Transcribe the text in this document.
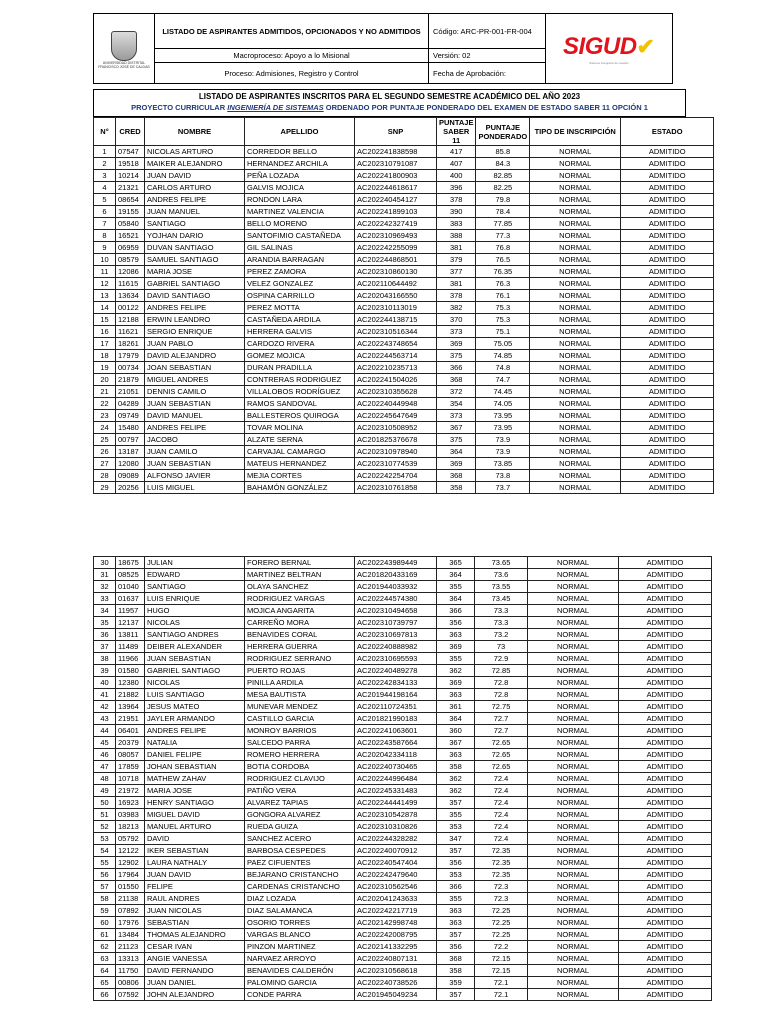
UNIVERSIDAD DISTRITAL FRANCISCO JOSÉ DE CALDAS	LISTADO DE ASPIRANTES ADMITIDOS, OPCIONADOS Y NO ADMITIDOS	Código: ARC-PR-001-FR-004	SIGUD✔
Sistema Integrado de Gestión

	Macroproceso: Apoyo a lo Misional	Versión: 02	
	Proceso: Admisiones, Registro y Control	Fecha de Aprobación:	
LISTADO DE ASPIRANTES INSCRITOS PARA EL SEGUNDO SEMESTRE ACADÉMICO DEL AÑO 2023
PROYECTO CURRICULAR INGENIERÍA DE SISTEMAS ORDENADO POR PUNTAJE PONDERADO DEL EXAMEN DE ESTADO SABER 11 OPCIÓN 1
N°	CRED	NOMBRE	APELLIDO	SNP	PUNTAJE SABER 11	PUNTAJE PONDERADO	TIPO DE INSCRIPCIÓN	ESTADO
1	07547	NICOLAS ARTURO	CORREDOR BELLO	AC202241838598	417	85.8	NORMAL	ADMITIDO
2	19518	MAIKER ALEJANDRO	HERNANDEZ ARCHILA	AC202310791087	407	84.3	NORMAL	ADMITIDO
3	10214	JUAN DAVID	PEÑA LOZADA	AC202241800903	400	82.85	NORMAL	ADMITIDO
4	21321	CARLOS ARTURO	GALVIS MOJICA	AC202244618617	396	82.25	NORMAL	ADMITIDO
5	08654	ANDRES FELIPE	RONDON LARA	AC202240454127	378	79.8	NORMAL	ADMITIDO
6	19155	JUAN MANUEL	MARTINEZ VALENCIA	AC202241899103	390	78.4	NORMAL	ADMITIDO
7	05840	SANTIAGO	BELLO MORENO	AC202242327419	383	77.85	NORMAL	ADMITIDO
8	16521	YOJHAN DARIO	SANTOFIMIO CASTAÑEDA	AC202310969493	388	77.3	NORMAL	ADMITIDO
9	06959	DUVAN SANTIAGO	GIL SALINAS	AC202242255099	381	76.8	NORMAL	ADMITIDO
10	08579	SAMUEL SANTIAGO	ARANDIA BARRAGAN	AC202244868501	379	76.5	NORMAL	ADMITIDO
11	12086	MARIA JOSE	PEREZ ZAMORA	AC202310860130	377	76.35	NORMAL	ADMITIDO
12	11615	GABRIEL SANTIAGO	VELEZ GONZALEZ	AC202110644492	381	76.3	NORMAL	ADMITIDO
13	13634	DAVID SANTIAGO	OSPINA CARRILLO	AC202043166550	378	76.1	NORMAL	ADMITIDO
14	00122	ANDRES FELIPE	PEREZ MOTTA	AC202310113019	382	75.3	NORMAL	ADMITIDO
15	12188	ERWIN LEANDRO	CASTAÑEDA ARDILA	AC202244138715	370	75.3	NORMAL	ADMITIDO
16	11621	SERGIO ENRIQUE	HERRERA GALVIS	AC202310516344	373	75.1	NORMAL	ADMITIDO
17	18261	JUAN PABLO	CARDOZO RIVERA	AC202243748654	369	75.05	NORMAL	ADMITIDO
18	17979	DAVID ALEJANDRO	GOMEZ MOJICA	AC202244563714	375	74.85	NORMAL	ADMITIDO
19	00734	JOAN SEBASTIAN	DURAN PRADILLA	AC202210235713	366	74.8	NORMAL	ADMITIDO
20	21879	MIGUEL ANDRES	CONTRERAS RODRIGUEZ	AC202241504026	368	74.7	NORMAL	ADMITIDO
21	21051	DENNIS CAMILO	VILLALOBOS RODRÍGUEZ	AC202310355628	372	74.45	NORMAL	ADMITIDO
22	04289	JUAN SEBASTIAN	RAMOS SANDOVAL	AC202240449948	354	74.05	NORMAL	ADMITIDO
23	09749	DAVID MANUEL	BALLESTEROS QUIROGA	AC202245647649	373	73.95	NORMAL	ADMITIDO
24	15480	ANDRES FELIPE	TOVAR MOLINA	AC202310508952	367	73.95	NORMAL	ADMITIDO
25	00797	JACOBO	ALZATE SERNA	AC201825376678	375	73.9	NORMAL	ADMITIDO
26	13187	JUAN CAMILO	CARVAJAL CAMARGO	AC202310978940	364	73.9	NORMAL	ADMITIDO
27	12080	JUAN SEBASTIAN	MATEUS HERNANDEZ	AC202310774539	369	73.85	NORMAL	ADMITIDO
28	09089	ALFONSO JAVIER	MEJIA CORTES	AC202242254704	368	73.8	NORMAL	ADMITIDO
29	20256	LUIS MIGUEL	BAHAMÓN GONZÁLEZ	AC202310761858	358	73.7	NORMAL	ADMITIDO
30	18675	JULIAN	FORERO BERNAL	AC202243989449	365	73.65	NORMAL	ADMITIDO
31	08525	EDWARD	MARTINEZ BELTRAN	AC201820433169	364	73.6	NORMAL	ADMITIDO
32	01040	SANTIAGO	OLAYA SANCHEZ	AC201944033932	355	73.55	NORMAL	ADMITIDO
33	01637	LUIS ENRIQUE	RODRIGUEZ VARGAS	AC202244574380	364	73.45	NORMAL	ADMITIDO
34	11957	HUGO	MOJICA ANGARITA	AC202310494658	366	73.3	NORMAL	ADMITIDO
35	12137	NICOLAS	CARREÑO MORA	AC202310739797	356	73.3	NORMAL	ADMITIDO
36	13811	SANTIAGO ANDRES	BENAVIDES CORAL	AC202310697813	363	73.2	NORMAL	ADMITIDO
37	11489	DEIBER ALEXANDER	HERRERA GUERRA	AC202240888982	369	73	NORMAL	ADMITIDO
38	11966	JUAN SEBASTIAN	RODRIGUEZ SERRANO	AC202310695593	355	72.9	NORMAL	ADMITIDO
39	01580	GABRIEL SANTIAGO	PUERTO ROJAS	AC202240489278	362	72.85	NORMAL	ADMITIDO
40	12380	NICOLAS	PINILLA ARDILA	AC202242834133	369	72.8	NORMAL	ADMITIDO
41	21882	LUIS SANTIAGO	MESA BAUTISTA	AC201944198164	363	72.8	NORMAL	ADMITIDO
42	13964	JESUS MATEO	MUNEVAR MENDEZ	AC202110724351	361	72.75	NORMAL	ADMITIDO
43	21951	JAYLER ARMANDO	CASTILLO GARCIA	AC201821990183	364	72.7	NORMAL	ADMITIDO
44	06401	ANDRES FELIPE	MONROY BARRIOS	AC202241063601	360	72.7	NORMAL	ADMITIDO
45	20379	NATALIA	SALCEDO PARRA	AC202243587664	367	72.65	NORMAL	ADMITIDO
46	08057	DANIEL FELIPE	ROMERO HERRERA	AC202042334118	363	72.65	NORMAL	ADMITIDO
47	17859	JOHAN SEBASTIAN	BOTIA CORDOBA	AC202240730465	358	72.65	NORMAL	ADMITIDO
48	10718	MATHEW ZAHAV	RODRIGUEZ CLAVIJO	AC202244996484	362	72.4	NORMAL	ADMITIDO
49	21972	MARIA JOSE	PATIÑO VERA	AC202245331483	362	72.4	NORMAL	ADMITIDO
50	16923	HENRY SANTIAGO	ALVAREZ TAPIAS	AC202244441499	357	72.4	NORMAL	ADMITIDO
51	03983	MIGUEL DAVID	GONGORA ALVAREZ	AC202310542878	355	72.4	NORMAL	ADMITIDO
52	18213	MANUEL ARTURO	RUEDA GUIZA	AC202310310826	353	72.4	NORMAL	ADMITIDO
53	05792	DAVID	SANCHEZ ACERO	AC202244328282	347	72.4	NORMAL	ADMITIDO
54	12122	IKER SEBASTIAN	BARBOSA CESPEDES	AC202240070912	357	72.35	NORMAL	ADMITIDO
55	12902	LAURA NATHALY	PAEZ CIFUENTES	AC202240547404	356	72.35	NORMAL	ADMITIDO
56	17964	JUAN DAVID	BEJARANO CRISTANCHO	AC202242479640	353	72.35	NORMAL	ADMITIDO
57	01550	FELIPE	CARDENAS CRISTANCHO	AC202310562546	366	72.3	NORMAL	ADMITIDO
58	21138	RAUL ANDRES	DIAZ LOZADA	AC202041243633	355	72.3	NORMAL	ADMITIDO
59	07892	JUAN NICOLAS	DIAZ SALAMANCA	AC202242217719	363	72.25	NORMAL	ADMITIDO
60	17976	SEBASTIAN	OSORIO TORRES	AC202142998748	363	72.25	NORMAL	ADMITIDO
61	13484	THOMAS ALEJANDRO	VARGAS BLANCO	AC202242008795	357	72.25	NORMAL	ADMITIDO
62	21123	CESAR IVAN	PINZON MARTINEZ	AC202141332295	356	72.2	NORMAL	ADMITIDO
63	13313	ANGIE VANESSA	NARVAEZ ARROYO	AC202240807131	368	72.15	NORMAL	ADMITIDO
64	11750	DAVID FERNANDO	BENAVIDES CALDERÓN	AC202310568618	358	72.15	NORMAL	ADMITIDO
65	00806	JUAN DANIEL	PALOMINO GARCIA	AC202240738526	359	72.1	NORMAL	ADMITIDO
66	07592	JOHN ALEJANDRO	CONDE PARRA	AC201945049234	357	72.1	NORMAL	ADMITIDO
